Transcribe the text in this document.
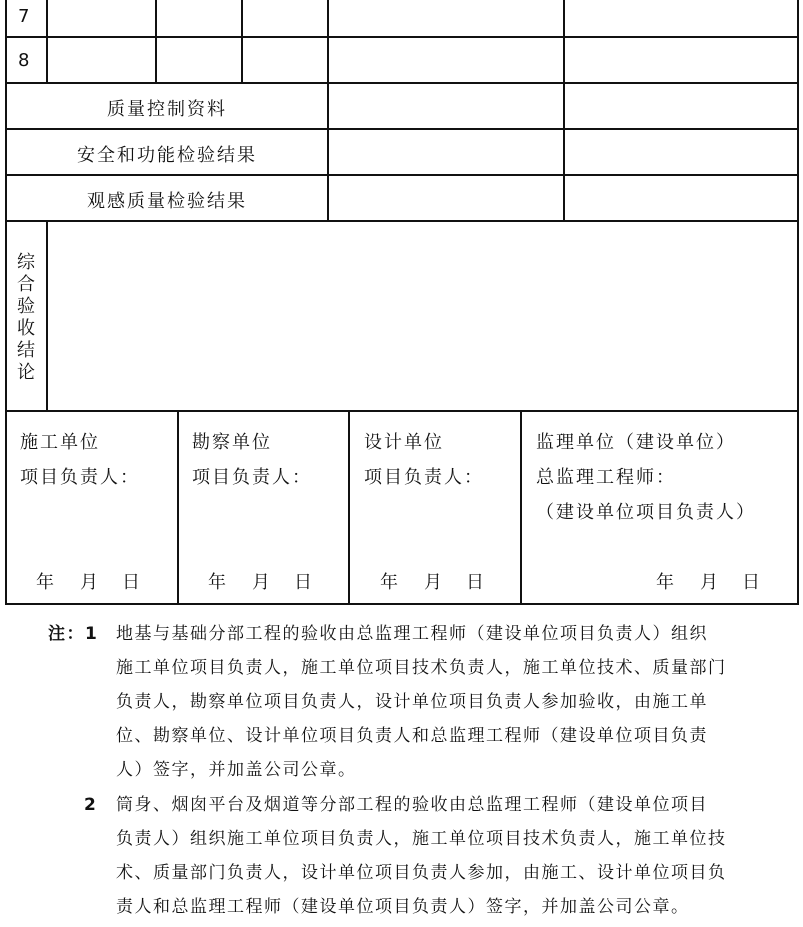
7
8
质量控制资料
安全和功能检验结果
观感质量检验结果
综
合
验
收
结
论
施工单位
项目负责人：
年 月 日
勘察单位
项目负责人：
年 月 日
设计单位
项目负责人：
年 月 日
监理单位（建设单位）
总监理工程师：
（建设单位项目负责人）
年 月 日
注：1 地基与基础分部工程的验收由总监理工程师（建设单位项目负责人）组织
施工单位项目负责人，施工单位项目技术负责人，施工单位技术、质量部门
负责人，勘察单位项目负责人，设计单位项目负责人参加验收，由施工单
位、勘察单位、设计单位项目负责人和总监理工程师（建设单位项目负责
人）签字，并加盖公司公章。
2 筒身、烟囱平台及烟道等分部工程的验收由总监理工程师（建设单位项目
负责人）组织施工单位项目负责人，施工单位项目技术负责人，施工单位技
术、质量部门负责人，设计单位项目负责人参加，由施工、设计单位项目负
责人和总监理工程师（建设单位项目负责人）签字，并加盖公司公章。
